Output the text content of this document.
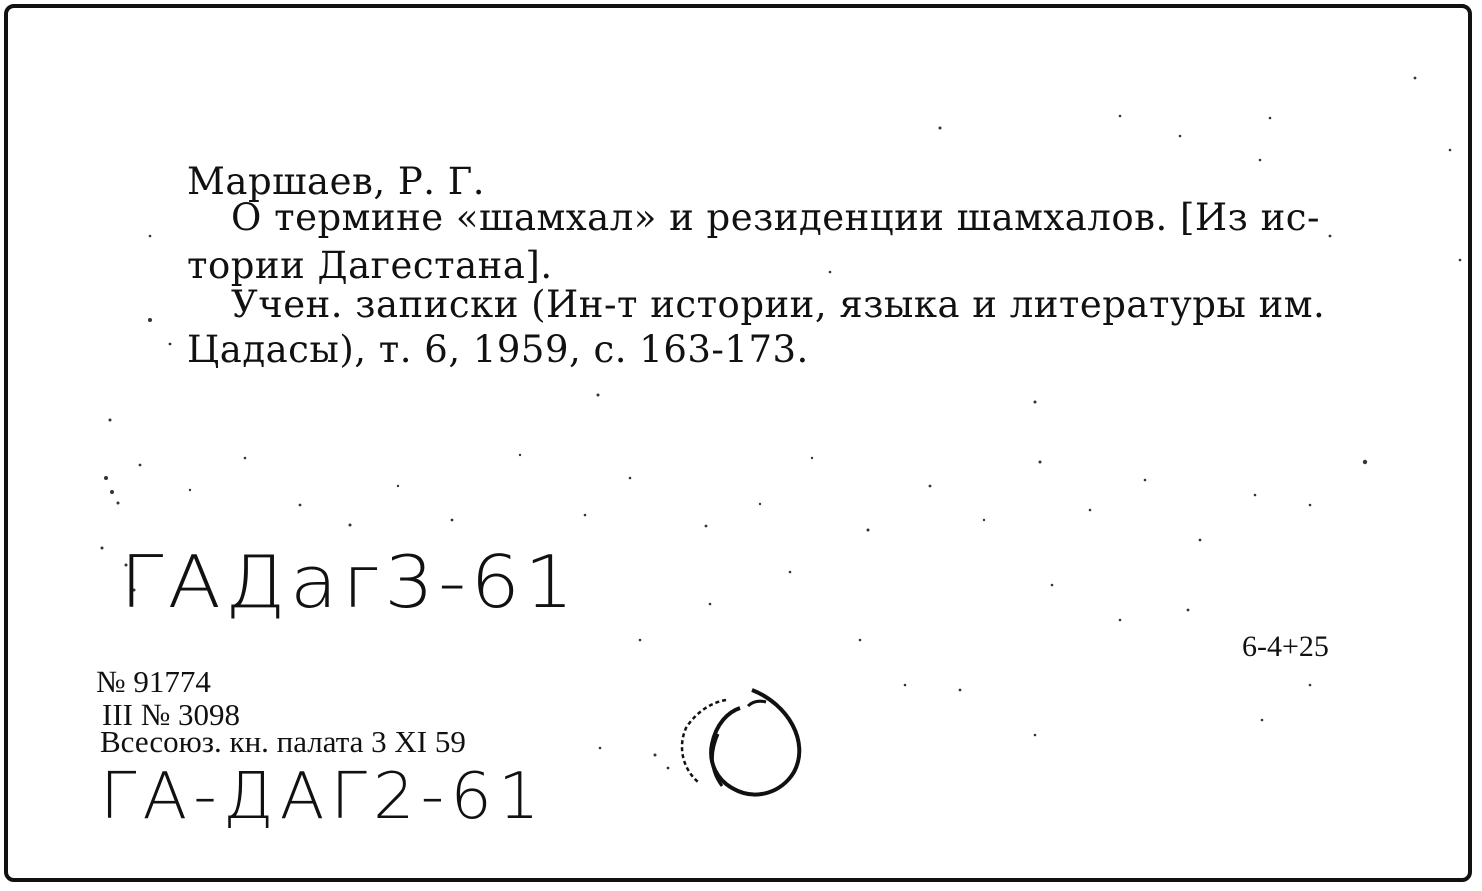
Маршаев, Р. Г.
О термине «шамхал» и резиденции шамхалов. [Из ис-
тории Дагестана].
Учен. записки (Ин-т истории, языка и литературы им.
Цадасы), т. 6, 1959, с. 163-173.
ГАДаг3-61
6-4+25
№ 91774
III № 3098
Всесоюз. кн. палата 3 XI 59
ГА-ДАГ2-61
